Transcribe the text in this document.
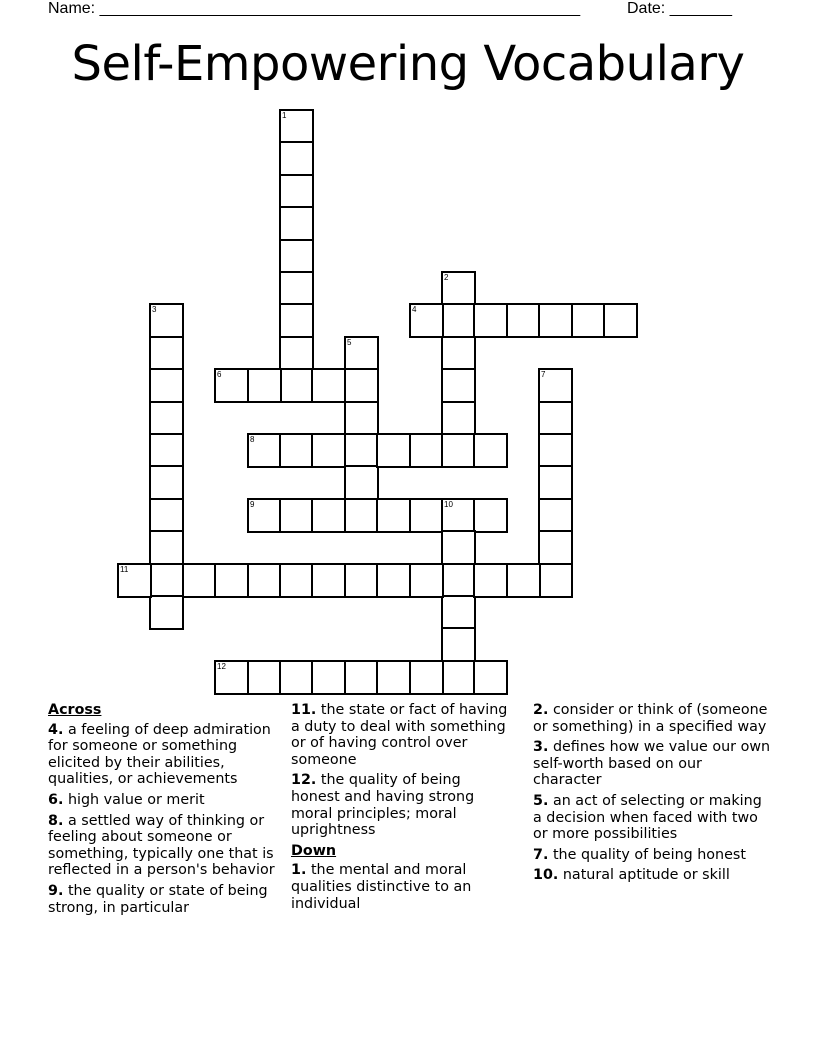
Name: ______________________________________________________	Date: _______
Self-Empowering Vocabulary
1
2
3	4
5
6	7
8
9	10
11
12
Across
4. a feeling of deep admiration for someone or something elicited by their abilities, qualities, or achievements
6. high value or merit
8. a settled way of thinking or feeling about someone or something, typically one that is reflected in a person's behavior
9. the quality or state of being strong, in particular
11. the state or fact of having a duty to deal with something or of having control over someone
12. the quality of being honest and having strong moral principles; moral uprightness
Down
1. the mental and moral qualities distinctive to an individual
2. consider or think of (someone or something) in a specified way
3. defines how we value our own self-worth based on our character
5. an act of selecting or making a decision when faced with two or more possibilities
7. the quality of being honest
10. natural aptitude or skill
